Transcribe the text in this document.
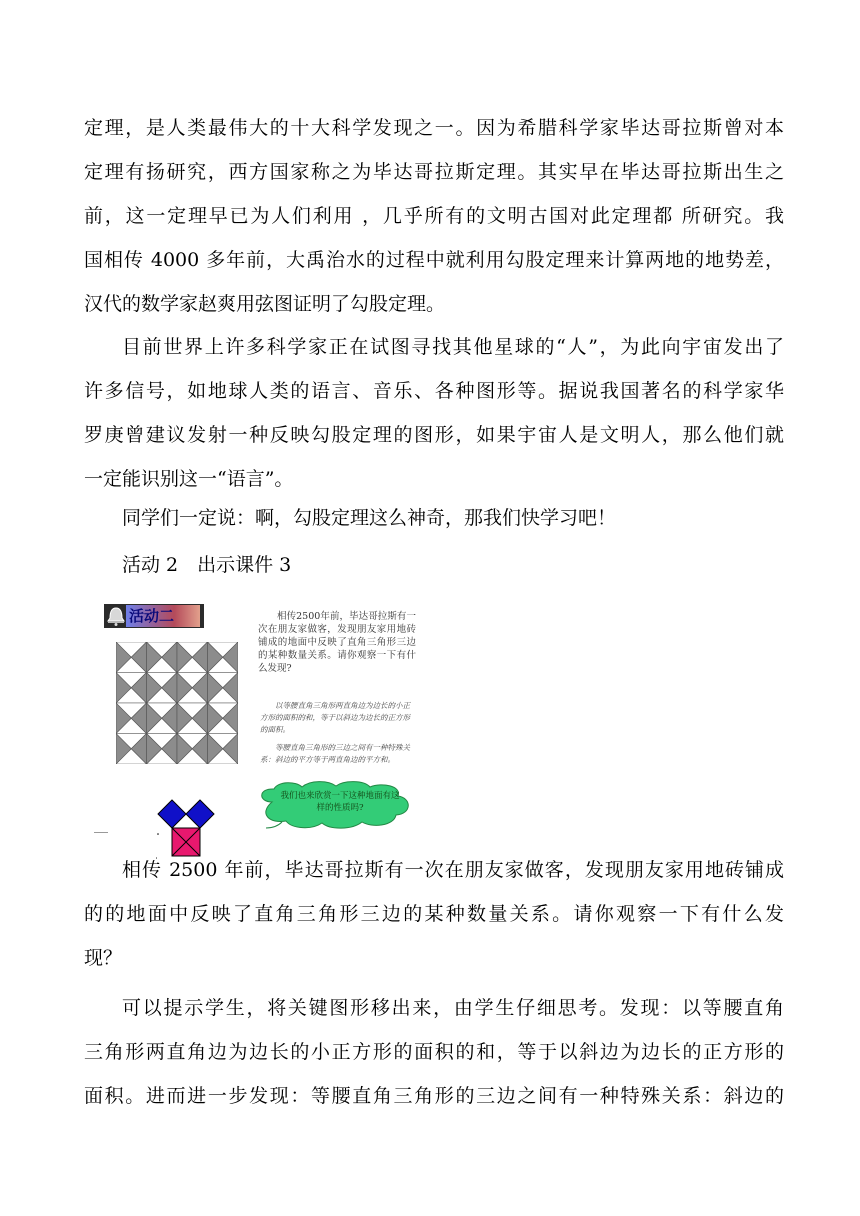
定理，是人类最伟大的十大科学发现之一。因为希腊科学家毕达哥拉斯曾对本
定理有扬研究，西方国家称之为毕达哥拉斯定理。其实早在毕达哥拉斯出生之
前，这一定理早已为人们利用 ，几乎所有的文明古国对此定理都 所研究。我
国相传 4000 多年前，大禹治水的过程中就利用勾股定理来计算两地的地势差，
汉代的数学家赵爽用弦图证明了勾股定理。
目前世界上许多科学家正在试图寻找其他星球的“人”，为此向宇宙发出了
许多信号，如地球人类的语言、音乐、各种图形等。据说我国著名的科学家华
罗庚曾建议发射一种反映勾股定理的图形，如果宇宙人是文明人，那么他们就
一定能识别这一“语言”。
同学们一定说：啊，勾股定理这么神奇，那我们快学习吧！
活动 2　出示课件 3
活动二	相传2500年前，毕达哥拉斯有一次在朋友家做客，发现朋友家用地砖铺成的地面中反映了直角三角形三边的某种数量关系。请你观察一下有什么发现?

以等腰直角三角形两直角边为边长的小正方形的面积的和，等于以斜边为边长的正方形的面积。

等腰直角三角形的三边之间有一种特殊关系：斜边的平方等于两直角边的平方和。

我们也来欣赏一下这种地面有这样的性质吗?

相传 2500 年前，毕达哥拉斯有一次在朋友家做客，发现朋友家用地砖铺成
的的地面中反映了直角三角形三边的某种数量关系。请你观察一下有什么发
现？
可以提示学生，将关键图形移出来，由学生仔细思考。发现：以等腰直角
三角形两直角边为边长的小正方形的面积的和，等于以斜边为边长的正方形的
面积。进而进一步发现：等腰直角三角形的三边之间有一种特殊关系：斜边的
